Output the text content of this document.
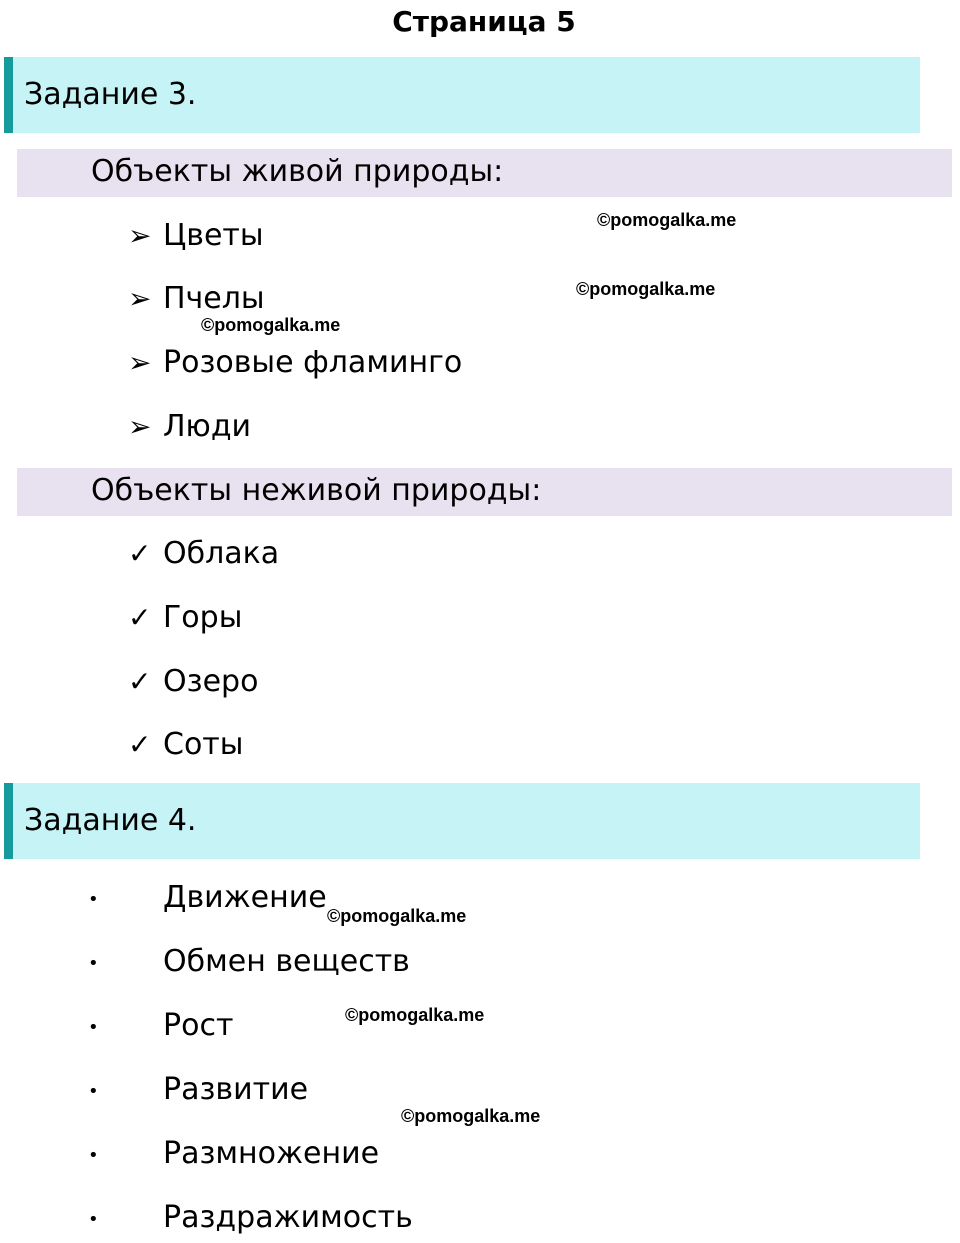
Страница 5
Задание 3.
Объекты живой природы:
➢ Цветы
➢ Пчелы
➢ Розовые фламинго
➢ Люди
Объекты неживой природы:
✓ Облака
✓ Горы
✓ Озеро
✓ Соты
Задание 4.
• Движение
• Обмен веществ
• Рост
• Развитие
• Размножение
• Раздражимость
©pomogalka.me
©pomogalka.me
©pomogalka.me
©pomogalka.me
©pomogalka.me
©pomogalka.me
